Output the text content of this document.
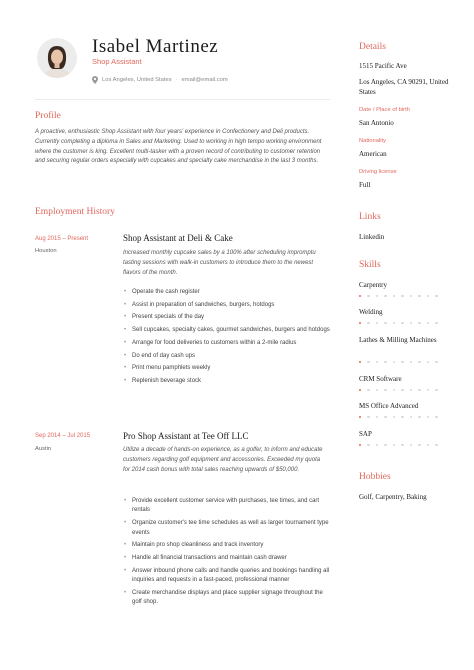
Isabel Martinez
Shop Assistant
Los Angeles, United States · email@email.com
Profile
A proactive, enthusiastic Shop Assistant with four years' experience in Confectionery and Deli products. Currently completing a diploma in Sales and Marketing. Used to working in high tempo working environment where the customer is king. Excellent multi-tasker with a proven record of contributing to customer retention and securing regular orders especially with cupcakes and specialty cake merchandise in the last 3 months.
Employment History
Aug 2015 – Present
Houston
Shop Assistant at Deli & Cake
Increased monthly cupcake sales by a 100% after scheduling impromptu tasting sessions with walk-in customers to introduce them to the newest flavors of the month.
• Operate the cash register
• Assist in preparation of sandwiches, burgers, hotdogs
• Present specials of the day
• Sell cupcakes, specialty cakes, gourmet sandwiches, burgers and hotdogs
• Arrange for food deliveries to customers within a 2-mile radius
• Do end of day cash ups
• Print menu pamphlets weekly
• Replenish beverage stock
Sep 2014 – Jul 2015
Austin
Pro Shop Assistant at Tee Off LLC
Utilize a decade of hands-on experience, as a golfer, to inform and educate customers regarding golf equipment and accessories. Exceeded my quota for 2014 cash bonus with total sales reaching upwards of $50,000.
• Provide excellent customer service with purchases, tee times, and cart rentals
• Organize customer's tee time schedules as well as larger tournament type events
• Maintain pro shop cleanliness and track inventory
• Handle all financial transactions and maintain cash drawer
• Answer inbound phone calls and handle queries and bookings handling all inquiries and requests in a fast-paced, professional manner
• Create merchandise displays and place supplier signage throughout the golf shop.
Details
1515 Pacific Ave
Los Angeles, CA 90291, United States
Date / Place of birth
San Antonio
Nationality
American
Driving license
Full
Links
Linkedin
Skills
Carpentry
Welding
Lathes & Milling Machines
CRM Software
MS Office Advanced
SAP
Hobbies
Golf, Carpentry, Baking
